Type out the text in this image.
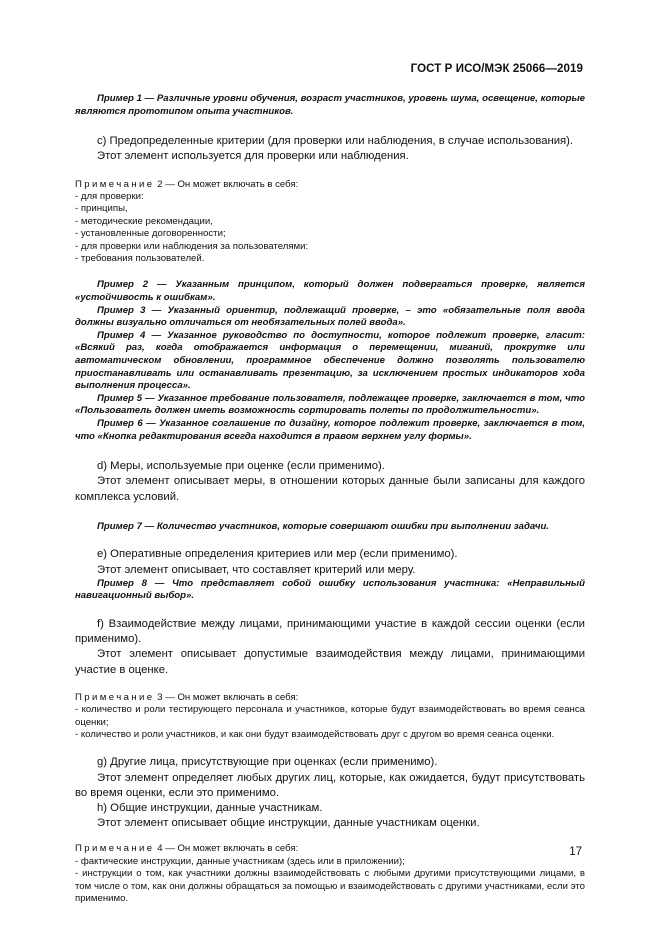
ГОСТ Р ИСО/МЭК 25066—2019

Пример 1 — Различные уровни обучения, возраст участников, уровень шума, освещение, которые являются прототипом опыта участников.

c) Предопределенные критерии (для проверки или наблюдения, в случае использования).

Этот элемент используется для проверки или наблюдения.

Примечание 2 — Он может включать в себя:

- для проверки:
- принципы,
- методические рекомендации,
- установленные договоренности;
- для проверки или наблюдения за пользователями:
- требования пользователей.

Пример 2 — Указанным принципом, который должен подвергаться проверке, является «устойчивость к ошибкам».

Пример 3 — Указанный ориентир, подлежащий проверке, – это «обязательные поля ввода должны визуально отличаться от необязательных полей ввода».

Пример 4 — Указанное руководство по доступности, которое подлежит проверке, гласит: «Всякий раз, когда отображается информация о перемещении, миганий, прокрутке или автоматическом обновлении, программное обеспечение должно позволять пользователю приостанавливать или останавливать презентацию, за исключением простых индикаторов хода выполнения процесса».

Пример 5 — Указанное требование пользователя, подлежащее проверке, заключается в том, что «Пользователь должен иметь возможность сортировать полеты по продолжительности».

Пример 6 — Указанное соглашение по дизайну, которое подлежит проверке, заключается в том, что «Кнопка редактирования всегда находится в правом верхнем углу формы».

d) Меры, используемые при оценке (если применимо).

Этот элемент описывает меры, в отношении которых данные были записаны для каждого комплекса условий.

Пример 7 — Количество участников, которые совершают ошибки при выполнении задачи.

e) Оперативные определения критериев или мер (если применимо).

Этот элемент описывает, что составляет критерий или меру.

Пример 8 — Что представляет собой ошибку использования участника: «Неправильный навигационный выбор».

f) Взаимодействие между лицами, принимающими участие в каждой сессии оценки (если применимо).

Этот элемент описывает допустимые взаимодействия между лицами, принимающими участие в оценке.

Примечание 3 — Он может включать в себя:

- количество и роли тестирующего персонала и участников, которые будут взаимодействовать во время сеанса оценки;
- количество и роли участников, и как они будут взаимодействовать друг с другом во время сеанса оценки.

g) Другие лица, присутствующие при оценках (если применимо).

Этот элемент определяет любых других лиц, которые, как ожидается, будут присутствовать во время оценки, если это применимо.

h) Общие инструкции, данные участникам.

Этот элемент описывает общие инструкции, данные участникам оценки.

Примечание 4 — Он может включать в себя:

- фактические инструкции, данные участникам (здесь или в приложении);
- инструкции о том, как участники должны взаимодействовать с любыми другими присутствующими лицами, в том числе о том, как они должны обращаться за помощью и взаимодействовать с другими участниками, если это применимо.
17
